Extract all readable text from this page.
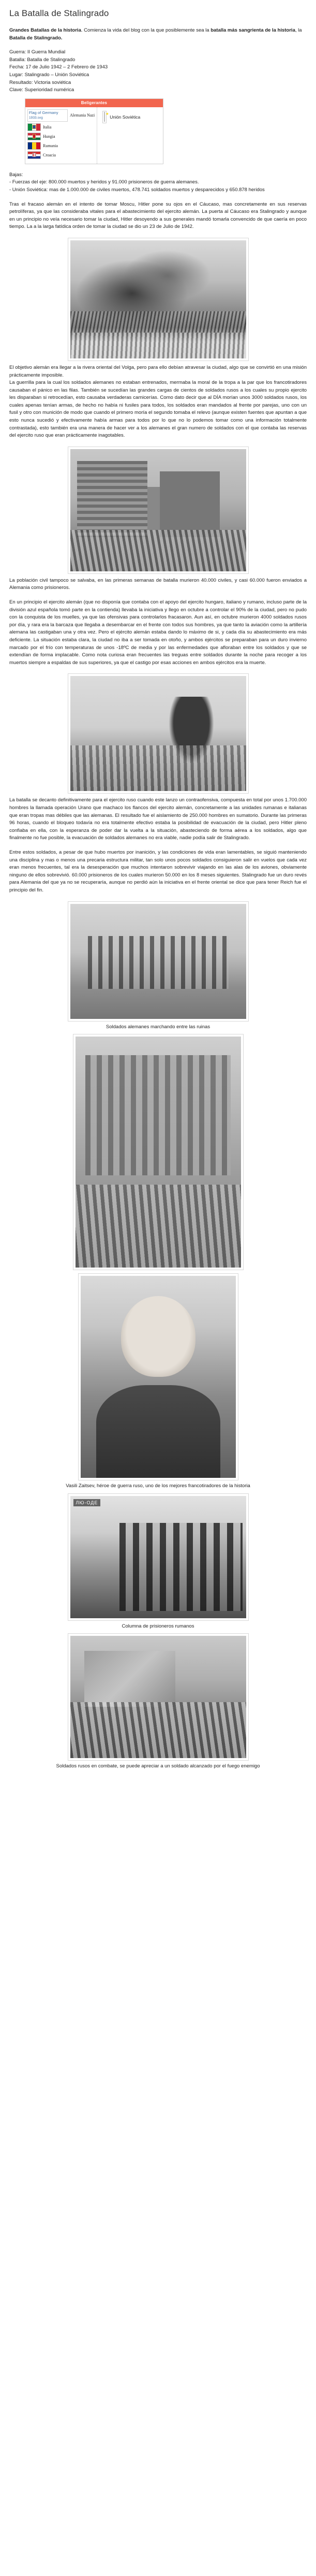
La Batalla de Stalingrado

Grandes Batallas de la historia. Comienza la vida del blog con la que posiblemente sea la batalla más sangrienta de la historia, la Batalla de Stalingrado.

Guerra: II Guerra Mundial
Batalla: Batalla de Stalingrado
Fecha: 17 de Julio 1942 – 2 Febrero de 1943
Lugar: Stalingrado – Unión Soviética
Resultado: Victoria soviética
Clave: Superioridad numérica
Beligerantes

Flag of Germany 1933.svg
Alemania Nazi
Italia
Hungia
Rumania
Croacia

★
Unión Soviética

Bajas:

- Fuerzas del eje: 800.000 muertos y heridos y 91.000 prisioneros de guerra alemanes.

- Unión Soviética: mas de 1.000.000 de civiles muertos, 478.741 soldados muertos y desparecidos y 650.878 heridos

Tras el fracaso alemán en el intento de tomar Moscu, Hitler pone su ojos en el Cáucaso, mas concretamente en sus reservas petrolíferas, ya que las consideraba vitales para el abastecimiento del ejercito alemán. La puerta al Cáucaso era Stalingrado y aunque en un principio no veía necesario tomar la ciudad, Hitler desoyendo a sus generales mandó tomarla convencido de que caería en poco tiempo. La a la larga fatídica orden de tomar la ciudad se dio un 23 de Julio de 1942.

El objetivo alemán era llegar a la rivera oriental del Volga, pero para ello debían atravesar la ciudad, algo que se convirtió en una misión prácticamente imposible.

La guerrilla para la cual los soldados alemanes no estaban entrenados, mermaba la moral de la tropa a la par que los francotiradores causaban el pánico en las filas. También se sucedían las grandes cargas de cientos de soldados rusos a los cuales su propio ejercito les disparaban si retrocedían, esto causaba verdaderas carnicerías. Como dato decir que al DÍA morían unos 3000 soldados rusos, los cuales apenas tenían armas, de hecho no había ni fusiles para todos, los soldados eran mandados al frente por parejas, uno con un fusil y otro con munición de modo que cuando el primero moría el segundo tomaba el relevo (aunque existen fuentes que apuntan a que esto nunca sucedió y efectivamente había armas para todos por lo que no lo podemos tomar como una información totalmente contrastada), esto también era una manera de hacer ver a los alemanes el gran numero de soldados con el que contaba las reservas del ejercito ruso que eran prácticamente inagotables.

La población civil tampoco se salvaba, en las primeras semanas de batalla murieron 40.000 civiles, y casi 60.000 fueron enviados a Alemania como prisioneros.

En un principio el ejercito alemán (que no disponía que contaba con el apoyo del ejercito hungaro, italiano y rumano, incluso parte de la división azul española tomó parte en la contienda) llevaba la iniciativa y llego en octubre a controlar el 90% de la ciudad, pero no pudo con la conquista de los muelles, ya que las ofensivas para controlarlos fracasaron. Aun así, en octubre murieron 4000 soldados rusos por día, y rara era la barcaza que llegaba a desembarcar en el frente con todos sus hombres, ya que tanto la aviación como la artillería alemana las castigaban una y otra vez. Pero el ejército alemán estaba dando lo máximo de si, y cada día su abastecimiento era más deficiente. La situación estaba clara, la ciudad no iba a ser tomada en otoño, y ambos ejércitos se preparaban para un duro invierno marcado por el frío con temperaturas de unos -18ºC de media y por las enfermedades que afloraban entre los soldados y que se extendían de forma implacable. Como nota curiosa eran frecuentes las treguas entre soldados durante la noche para recoger a los muertos siempre a espaldas de sus superiores, ya que el castigo por esas acciones en ambos ejércitos era la muerte.

La batalla se decanto definitivamente para el ejercito ruso cuando este lanzo un contraofensiva, compuesta en total por unos 1.700.000 hombres la llamada operación Urano que machaco los flancos del ejercito alemán, concretamente a las unidades rumanas e italianas que eran tropas mas débiles que las alemanas. El resultado fue el aislamiento de 250.000 hombres en sumatorio. Durante las primeras 96 horas, cuando el bloqueo todavía no era totalmente efectivo estaba la posibilidad de evacuación de la ciudad, pero Hitler pleno confiaba en ella, con la esperanza de poder dar la vuelta a la situación, abasteciendo de forma aérea a los soldados, algo que finalmente no fue posible, la evacuación de soldados alemanes no era viable, nadie podía salir de Stalingrado.

Entre estos soldados, a pesar de que hubo muertos por inanición, y las condiciones de vida eran lamentables, se siguió manteniendo una disciplina y mas o menos una precaria estructura militar, tan solo unos pocos soldados consiguieron salir en vuelos que cada vez eran menos frecuentes, tal era la desesperación que muchos intentaron sobrevivir viajando en las alas de los aviones, obviamente ninguno de ellos sobrevivió. 60.000 prisioneros de los cuales murieron 50.000 en los 8 meses siguientes. Stalingrado fue un duro revés para Alemania del que ya no se recuperaría, aunque no perdió aún la iniciativa en el frente oriental se dice que para tener Reich fue el principio del fin.

Soldados alemanes marchando entre las ruinas
Vasili Zaitsev, héroe de guerra ruso, uno de los mejores francotiradores de la historia
ЛЮ-ОДЕ
Columna de prisioneros rumanos
Soldados rusos en combate, se puede apreciar a un soldado alcanzado por el fuego enemigo
